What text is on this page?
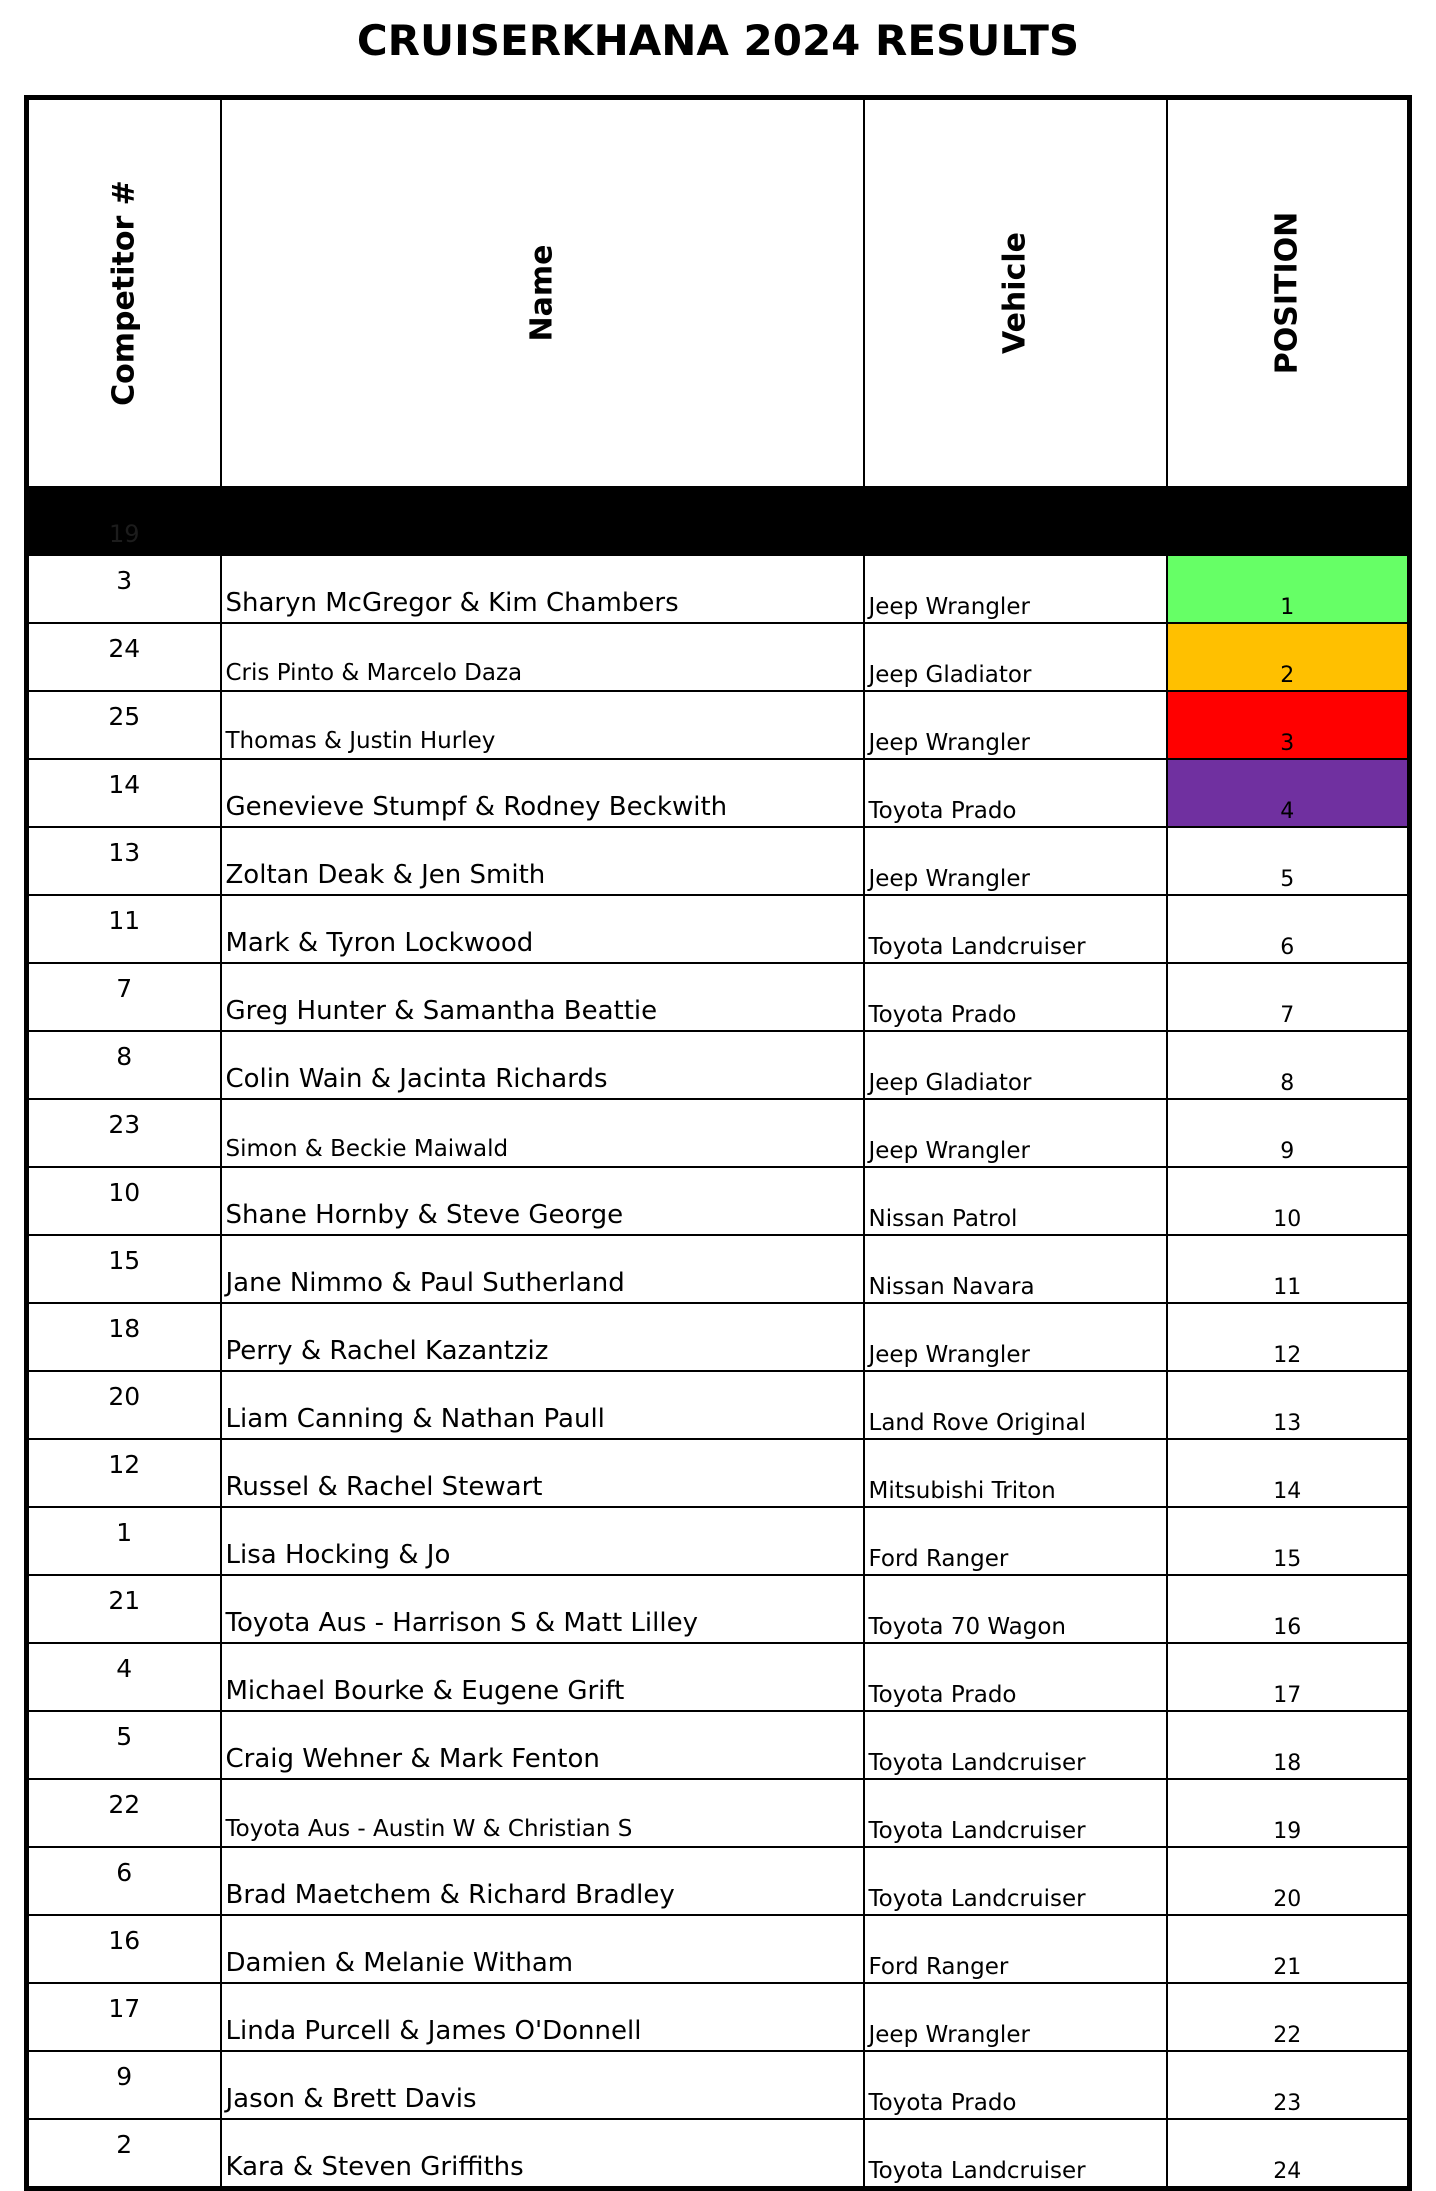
CRUISERKHANA 2024 RESULTS
Competitor #	Name	Vehicle	POSITION

19			
3	Sharyn McGregor & Kim Chambers	Jeep Wrangler	1
24	Cris Pinto & Marcelo Daza	Jeep Gladiator	2
25	Thomas & Justin Hurley	Jeep Wrangler	3
14	Genevieve Stumpf & Rodney Beckwith	Toyota Prado	4
13	Zoltan Deak & Jen Smith	Jeep Wrangler	5
11	Mark & Tyron Lockwood	Toyota Landcruiser	6
7	Greg Hunter & Samantha Beattie	Toyota Prado	7
8	Colin Wain & Jacinta Richards	Jeep Gladiator	8
23	Simon & Beckie Maiwald	Jeep Wrangler	9
10	Shane Hornby & Steve George	Nissan Patrol	10
15	Jane Nimmo & Paul Sutherland	Nissan Navara	11
18	Perry & Rachel Kazantziz	Jeep Wrangler	12
20	Liam Canning & Nathan Paull	Land Rove Original	13
12	Russel & Rachel Stewart	Mitsubishi Triton	14
1	Lisa Hocking & Jo	Ford Ranger	15
21	Toyota Aus - Harrison S & Matt Lilley	Toyota 70 Wagon	16
4	Michael Bourke & Eugene Grift	Toyota Prado	17
5	Craig Wehner & Mark Fenton	Toyota Landcruiser	18
22	Toyota Aus - Austin W & Christian S	Toyota Landcruiser	19
6	Brad Maetchem & Richard Bradley	Toyota Landcruiser	20
16	Damien & Melanie Witham	Ford Ranger	21
17	Linda Purcell & James O'Donnell	Jeep Wrangler	22
9	Jason & Brett Davis	Toyota Prado	23
2	Kara & Steven Griffiths	Toyota Landcruiser	24
